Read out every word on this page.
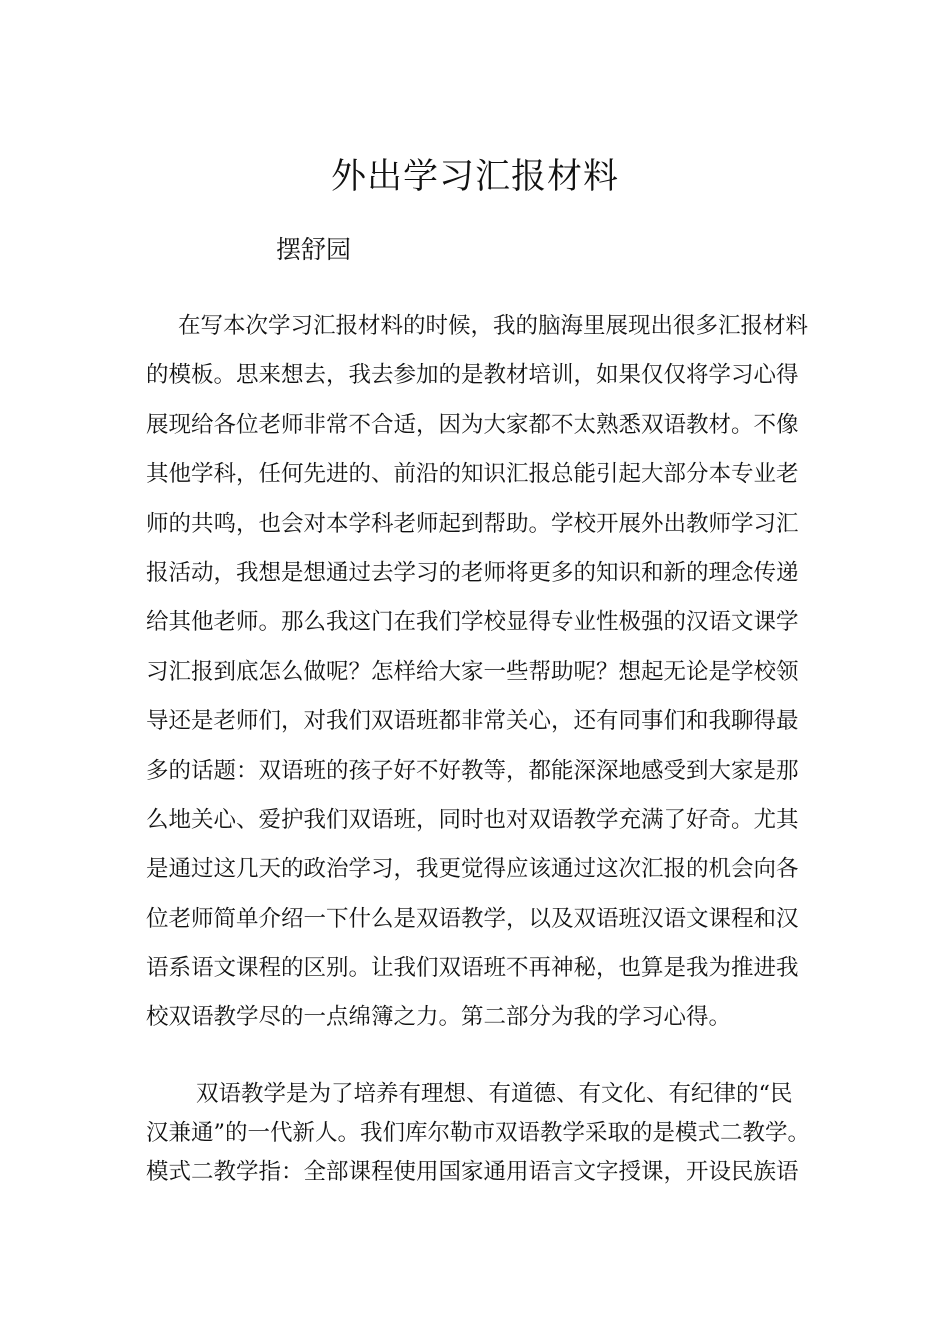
外出学习汇报材料

摆舒园

在写本次学习汇报材料的时候，我的脑海里展现出很多汇报材料
的模板。思来想去，我去参加的是教材培训，如果仅仅将学习心得
展现给各位老师非常不合适，因为大家都不太熟悉双语教材。不像
其他学科，任何先进的、前沿的知识汇报总能引起大部分本专业老
师的共鸣，也会对本学科老师起到帮助。学校开展外出教师学习汇
报活动，我想是想通过去学习的老师将更多的知识和新的理念传递
给其他老师。那么我这门在我们学校显得专业性极强的汉语文课学
习汇报到底怎么做呢？怎样给大家一些帮助呢？想起无论是学校领
导还是老师们，对我们双语班都非常关心，还有同事们和我聊得最
多的话题：双语班的孩子好不好教等，都能深深地感受到大家是那
么地关心、爱护我们双语班，同时也对双语教学充满了好奇。尤其
是通过这几天的政治学习，我更觉得应该通过这次汇报的机会向各
位老师简单介绍一下什么是双语教学，以及双语班汉语文课程和汉
语系语文课程的区别。让我们双语班不再神秘，也算是我为推进我
校双语教学尽的一点绵簿之力。第二部分为我的学习心得。
双语教学是为了培养有理想、有道德、有文化、有纪律的“民
汉兼通”的一代新人。我们库尔勒市双语教学采取的是模式二教学。
模式二教学指：全部课程使用国家通用语言文字授课，开设民族语
